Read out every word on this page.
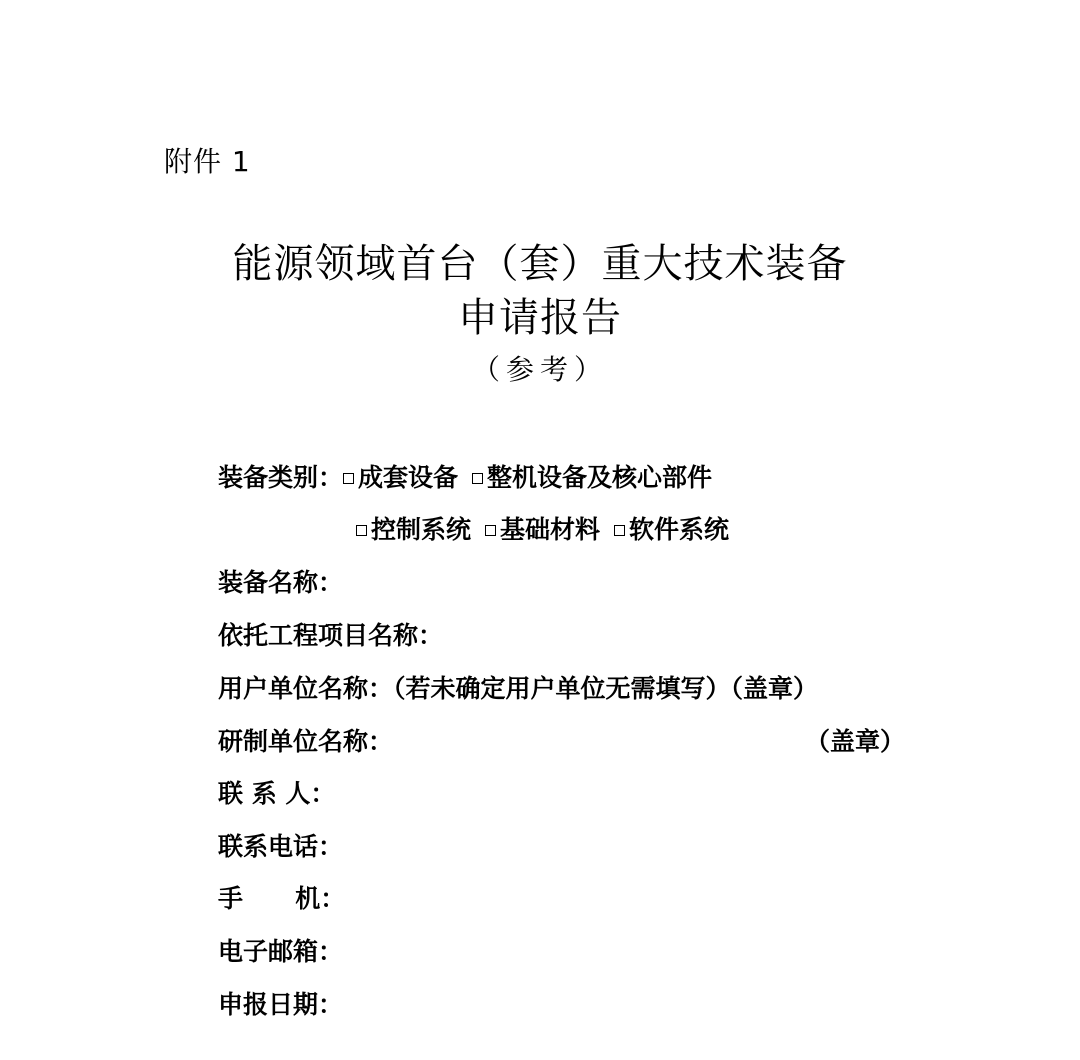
附件 1
能源领域首台（套）重大技术装备
申请报告
（参考）
装备类别： 成套设备 整机设备及核心部件
控制系统 基础材料 软件系统
装备名称：
依托工程项目名称：
用户单位名称：（若未确定用户单位无需填写）（盖章）
研制单位名称：	（盖章）
联 系 人：
联系电话：
手      机：
电子邮箱：
申报日期：
